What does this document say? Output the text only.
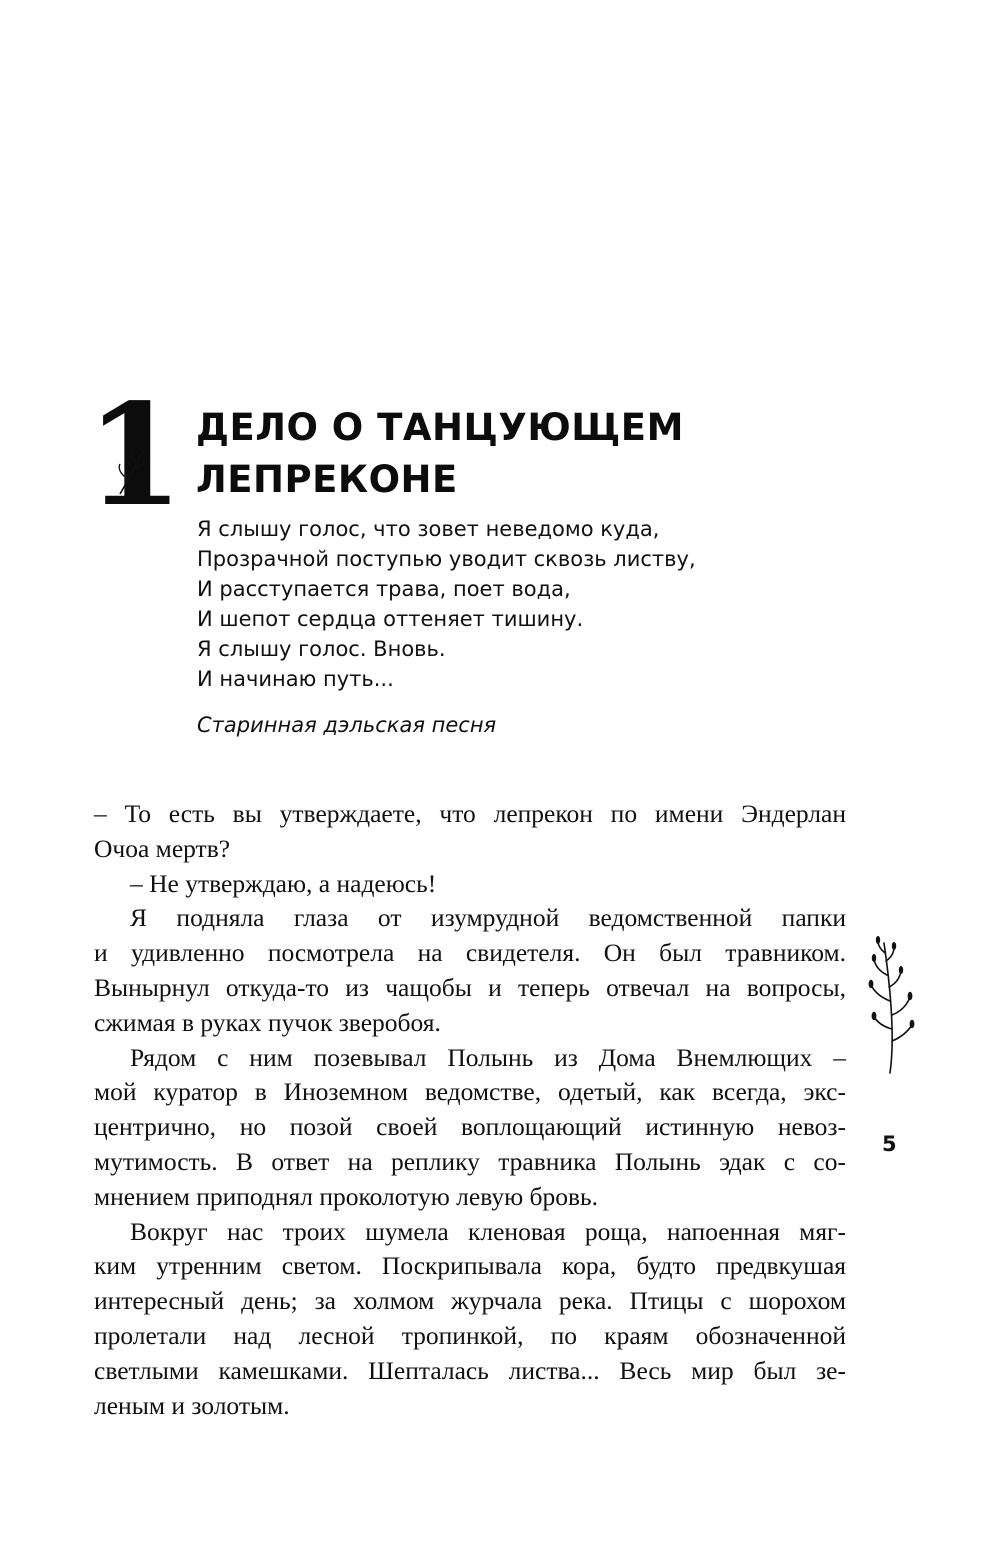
1 ДЕЛО О ТАНЦУЮЩЕМ
ЛЕПРЕКОНЕ
Я слышу голос, что зовет неведомо куда,
Прозрачной поступью уводит сквозь листву,
И расступается трава, поет вода,
И шепот сердца оттеняет тишину.
Я слышу голос. Вновь.
И начинаю путь...
Старинная дэльская песня
– То есть вы утверждаете, что лепрекон по имени Эндерлан
Очоа мертв?
– Не утверждаю, а надеюсь!
Я подняла глаза от изумрудной ведомственной папки
и удивленно посмотрела на свидетеля. Он был травником.
Вынырнул откуда-то из чащобы и теперь отвечал на вопросы,
сжимая в руках пучок зверобоя.
Рядом с ним позевывал Полынь из Дома Внемлющих –
мой куратор в Иноземном ведомстве, одетый, как всегда, экс-
центрично, но позой своей воплощающий истинную невоз-
мутимость. В ответ на реплику травника Полынь эдак с со-
мнением приподнял проколотую левую бровь.
Вокруг нас троих шумела кленовая роща, напоенная мяг-
ким утренним светом. Поскрипывала кора, будто предвкушая
интересный день; за холмом журчала река. Птицы с шорохом
пролетали над лесной тропинкой, по краям обозначенной
светлыми камешками. Шепталась листва... Весь мир был зе-
леным и золотым.
5
